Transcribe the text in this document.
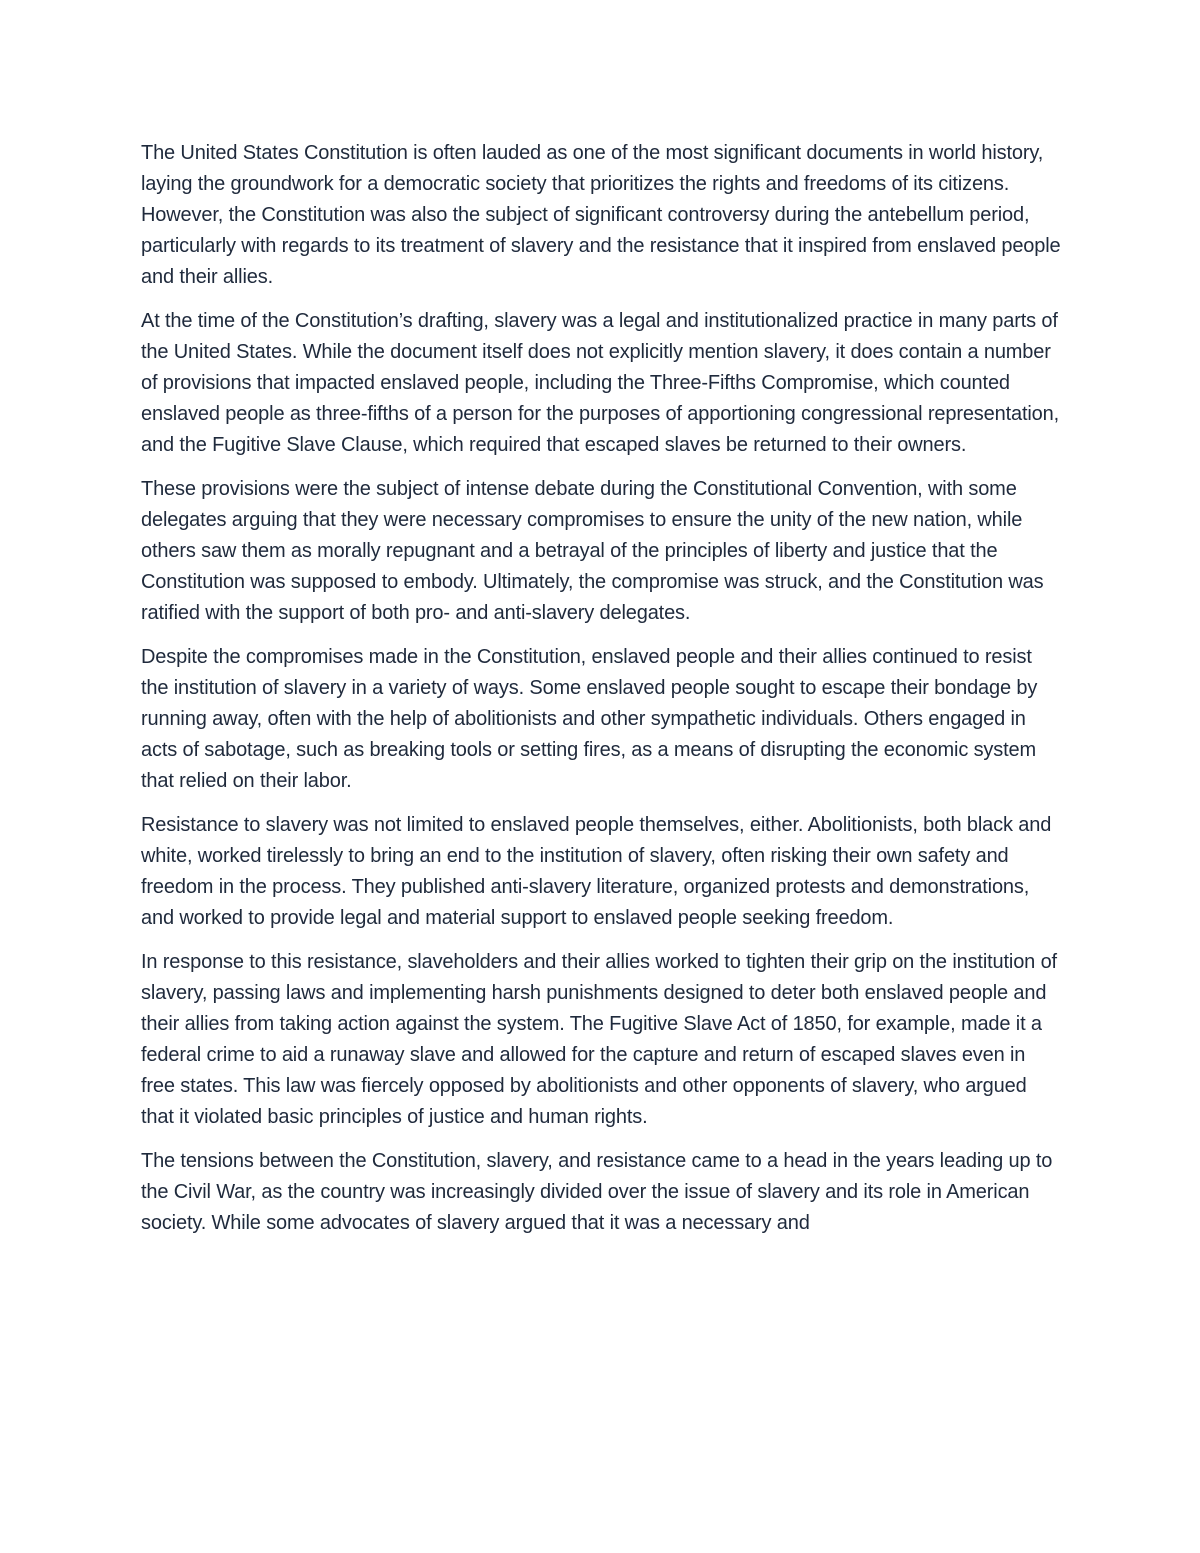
The United States Constitution is often lauded as one of the most significant documents in world history, laying the groundwork for a democratic society that prioritizes the rights and freedoms of its citizens. However, the Constitution was also the subject of significant controversy during the antebellum period, particularly with regards to its treatment of slavery and the resistance that it inspired from enslaved people and their allies.

At the time of the Constitution’s drafting, slavery was a legal and institutionalized practice in many parts of the United States. While the document itself does not explicitly mention slavery, it does contain a number of provisions that impacted enslaved people, including the Three-Fifths Compromise, which counted enslaved people as three-fifths of a person for the purposes of apportioning congressional representation, and the Fugitive Slave Clause, which required that escaped slaves be returned to their owners.

These provisions were the subject of intense debate during the Constitutional Convention, with some delegates arguing that they were necessary compromises to ensure the unity of the new nation, while others saw them as morally repugnant and a betrayal of the principles of liberty and justice that the Constitution was supposed to embody. Ultimately, the compromise was struck, and the Constitution was ratified with the support of both pro- and anti-slavery delegates.

Despite the compromises made in the Constitution, enslaved people and their allies continued to resist the institution of slavery in a variety of ways. Some enslaved people sought to escape their bondage by running away, often with the help of abolitionists and other sympathetic individuals. Others engaged in acts of sabotage, such as breaking tools or setting fires, as a means of disrupting the economic system that relied on their labor.

Resistance to slavery was not limited to enslaved people themselves, either. Abolitionists, both black and white, worked tirelessly to bring an end to the institution of slavery, often risking their own safety and freedom in the process. They published anti-slavery literature, organized protests and demonstrations, and worked to provide legal and material support to enslaved people seeking freedom.

In response to this resistance, slaveholders and their allies worked to tighten their grip on the institution of slavery, passing laws and implementing harsh punishments designed to deter both enslaved people and their allies from taking action against the system. The Fugitive Slave Act of 1850, for example, made it a federal crime to aid a runaway slave and allowed for the capture and return of escaped slaves even in free states. This law was fiercely opposed by abolitionists and other opponents of slavery, who argued that it violated basic principles of justice and human rights.

The tensions between the Constitution, slavery, and resistance came to a head in the years leading up to the Civil War, as the country was increasingly divided over the issue of slavery and its role in American society. While some advocates of slavery argued that it was a necessary and
